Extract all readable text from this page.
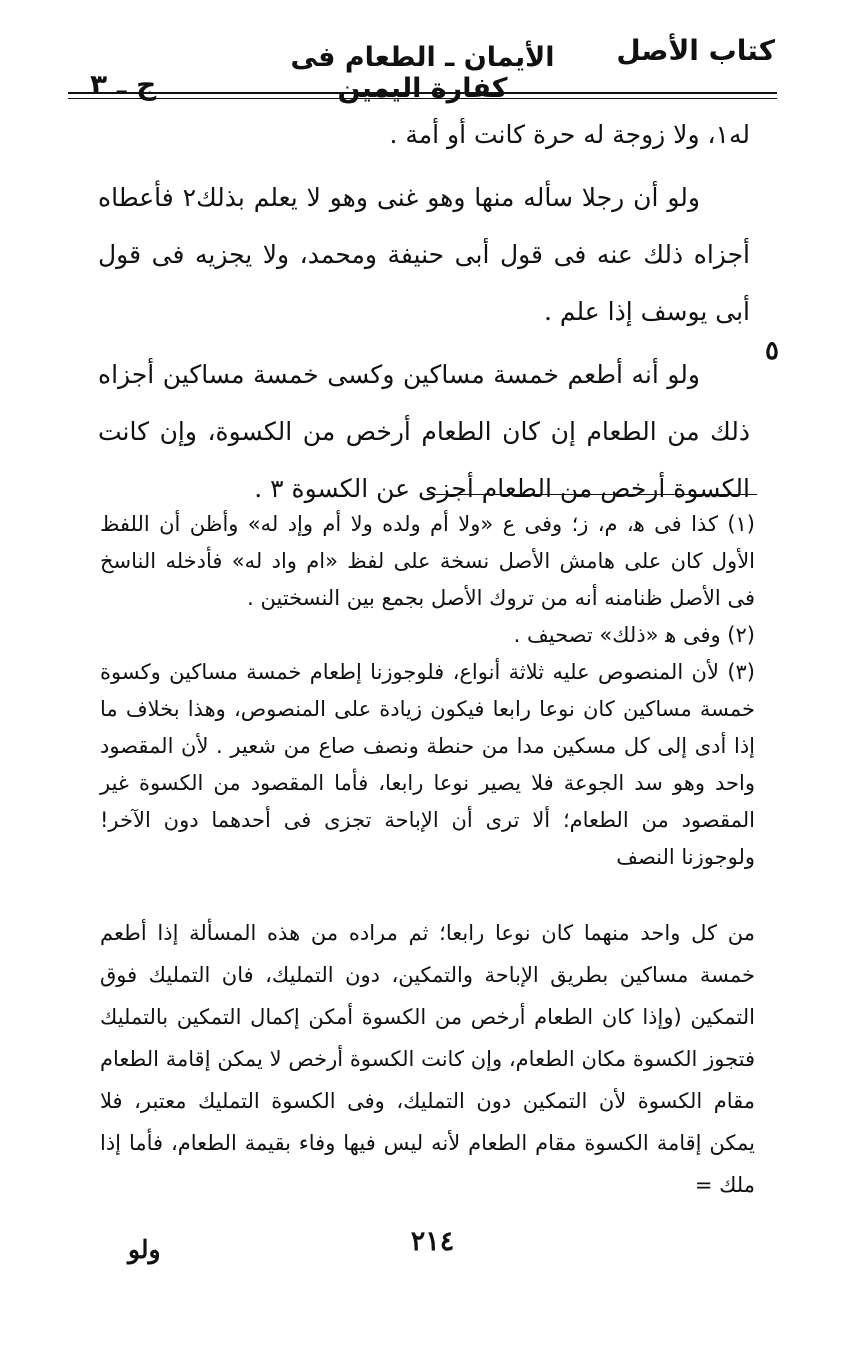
كتاب الأصل
الأيمان ـ الطعام فى
كفارة اليمين
ج ـ ٣
٥

له١، ولا زوجة له حرة كانت أو أمة .

ولو أن رجلا سأله منها وهو غنى وهو لا يعلم بذلك٢ فأعطاه أجزاه ذلك عنه فى قول أبى حنيفة ومحمد، ولا يجزيه فى قول أبى يوسف إذا علم .

ولو أنه أطعم خمسة مساكين وكسى خمسة مساكين أجزاه ذلك من الطعام إن كان الطعام أرخص من الكسوة، وإن كانت الكسوة أرخص من الطعام أجزى عن الكسوة ٣ .

(١) كذا فى ﻫ، م، ز؛ وفى ع «ولا أم ولده ولا أم وإد له» وأظن أن اللفظ الأول كان على هامش الأصل نسخة على لفظ «ام واد له» فأدخله الناسخ فى الأصل ظنامنه أنه من تروك الأصل بجمع بين النسختين .

(٢) وفى ﻫ «ذلك» تصحيف .

(٣) لأن المنصوص عليه ثلاثة أنواع، فلوجوزنا إطعام خمسة مساكين وكسوة خمسة مساكين كان نوعا رابعا فيكون زيادة على المنصوص، وهذا بخلاف ما إذا أدى إلى كل مسكين مدا من حنطة ونصف صاع من شعير . لأن المقصود واحد وهو سد الجوعة فلا يصير نوعا رابعا، فأما المقصود من الكسوة غير المقصود من الطعام؛ ألا ترى أن الإباحة تجزى فى أحدهما دون الآخر! ولوجوزنا النصف

من كل واحد منهما كان نوعا رابعا؛ ثم مراده من هذه المسألة إذا أطعم خمسة مساكين بطريق الإباحة والتمكين، دون التمليك، فان التمليك فوق التمكين (وإذا كان الطعام أرخص من الكسوة أمكن إكمال التمكين بالتمليك فتجوز الكسوة مكان الطعام، وإن كانت الكسوة أرخص لا يمكن إقامة الطعام مقام الكسوة لأن التمكين دون التمليك، وفى الكسوة التمليك معتبر، فلا يمكن إقامة الكسوة مقام الطعام لأنه ليس فيها وفاء بقيمة الطعام، فأما إذا ملك =

٢١٤
ولو
